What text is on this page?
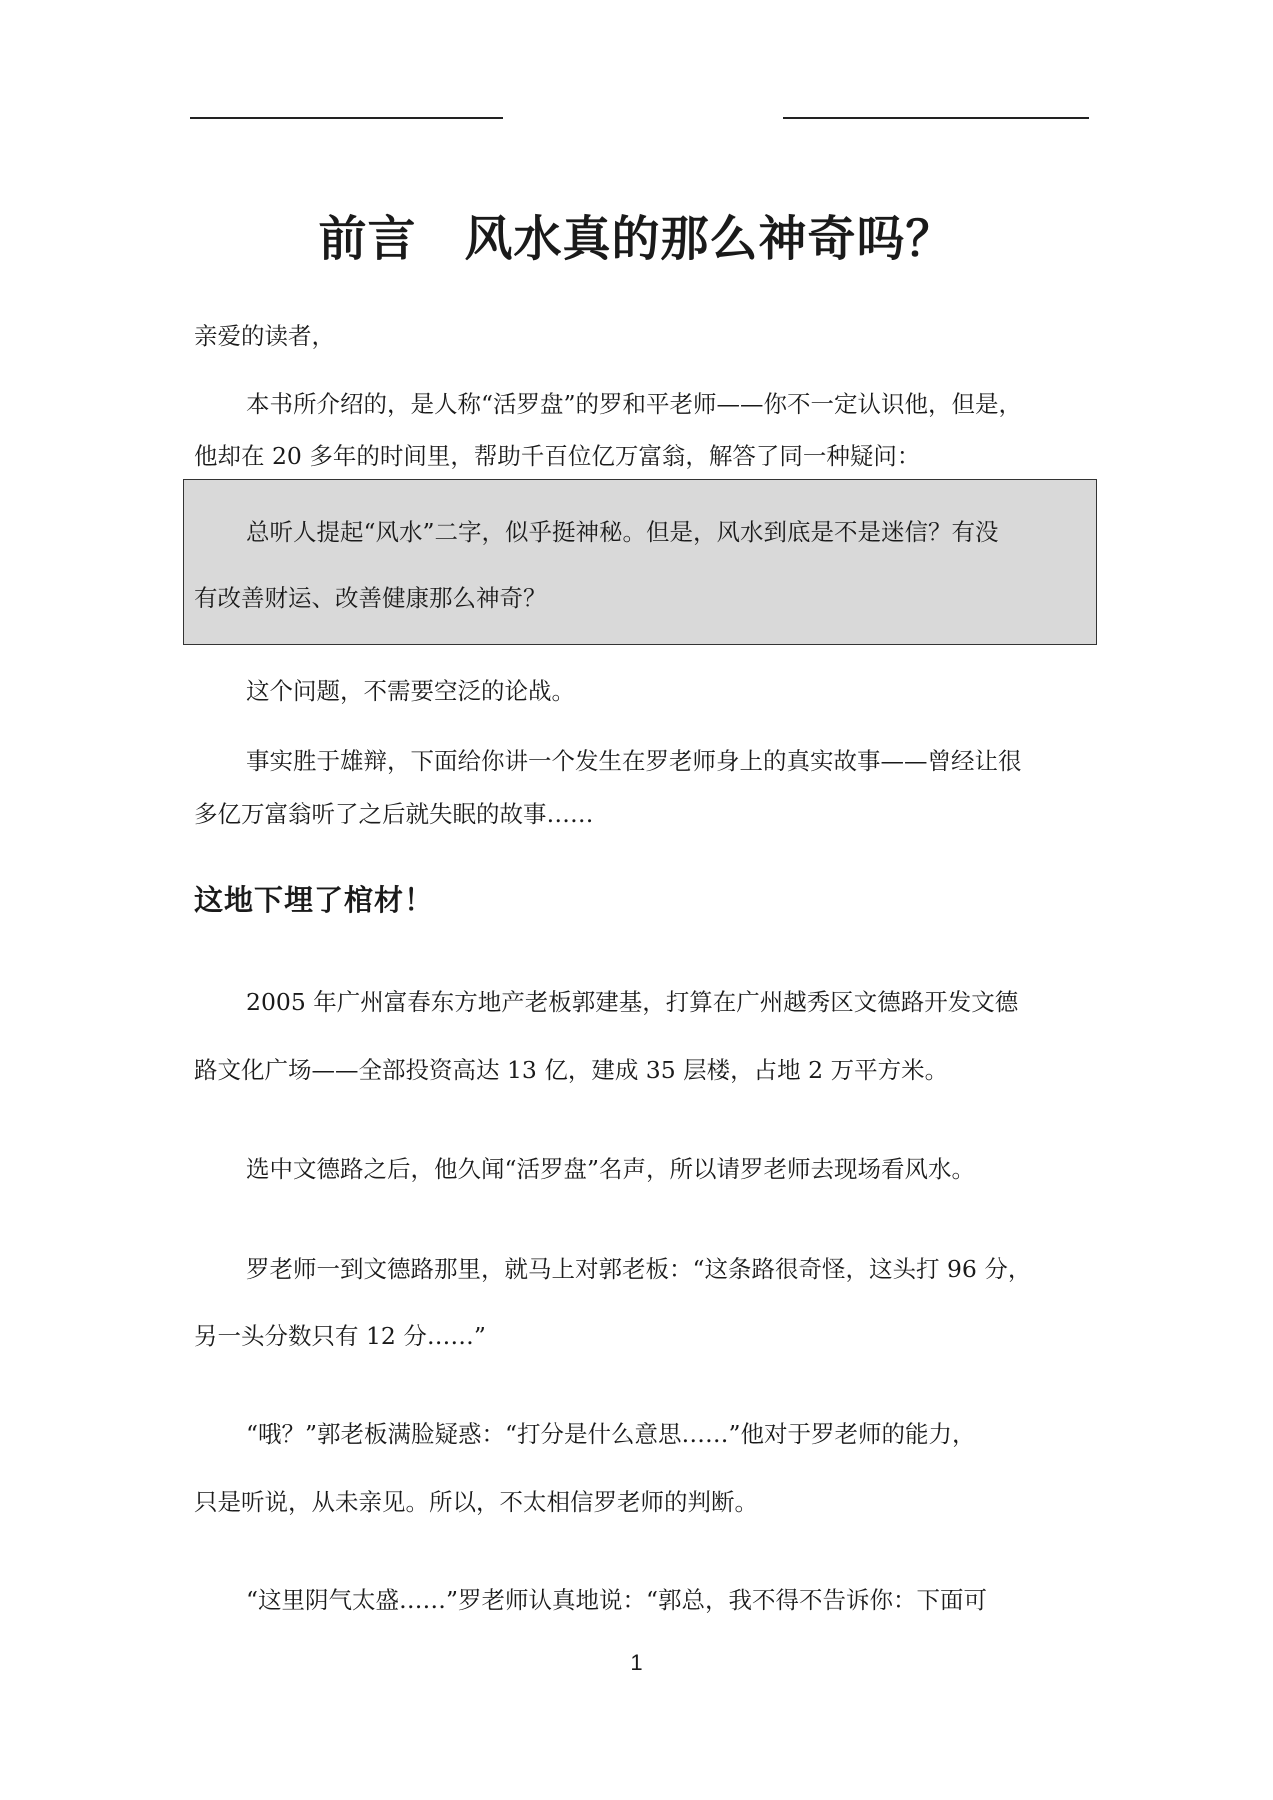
前言 风水真的那么神奇吗？

亲爱的读者，

本书所介绍的，是人称“活罗盘”的罗和平老师——你不一定认识他，但是，

他却在 20 多年的时间里，帮助千百位亿万富翁，解答了同一种疑问：

总听人提起“风水”二字，似乎挺神秘。但是，风水到底是不是迷信？有没

有改善财运、改善健康那么神奇？

这个问题，不需要空泛的论战。

事实胜于雄辩，下面给你讲一个发生在罗老师身上的真实故事——曾经让很

多亿万富翁听了之后就失眠的故事……

这地下埋了棺材！

2005 年广州富春东方地产老板郭建基，打算在广州越秀区文德路开发文德

路文化广场——全部投资高达 13 亿，建成 35 层楼，占地 2 万平方米。

选中文德路之后，他久闻“活罗盘”名声，所以请罗老师去现场看风水。

罗老师一到文德路那里，就马上对郭老板：“这条路很奇怪，这头打 96 分，

另一头分数只有 12 分……”

“哦？”郭老板满脸疑惑：“打分是什么意思……”他对于罗老师的能力，

只是听说，从未亲见。所以，不太相信罗老师的判断。

“这里阴气太盛……”罗老师认真地说：“郭总，我不得不告诉你：下面可

1
